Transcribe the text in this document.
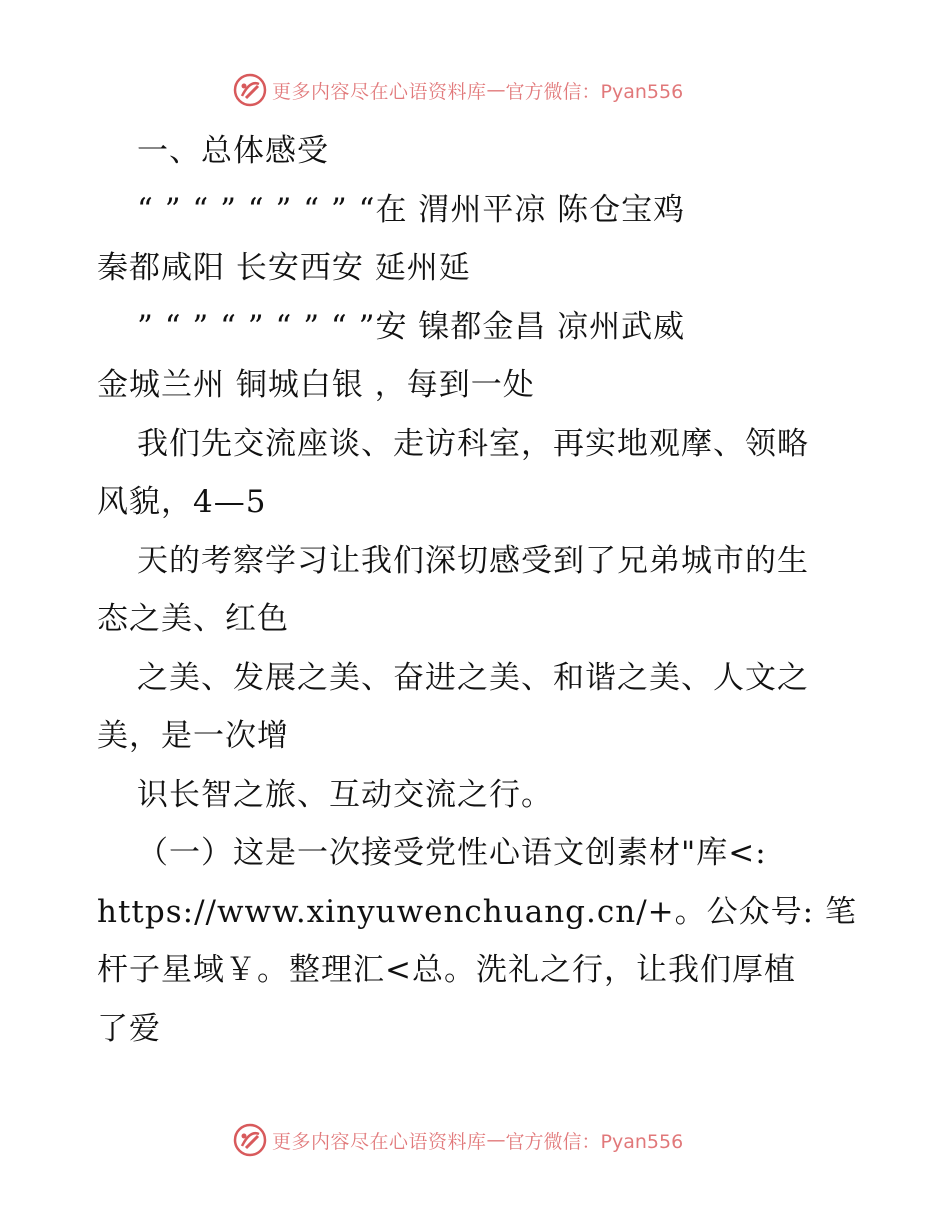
更多内容尽在心语资料库 — 官方微信：Pyan556
一、总体感受
“ ” “ ” “ ” “ ” “在 渭州平凉 陈仓宝鸡
秦都咸阳 长安西安 延州延
” “ ” “ ” “ ” “ ”安 镍都金昌 凉州武威
金城兰州 铜城白银 ，每到一处
我们先交流座谈、走访科室，再实地观摩、领略
风貌，4—5
天的考察学习让我们深切感受到了兄弟城市的生
态之美、红色
之美、发展之美、奋进之美、和谐之美、人文之
美，是一次增
识长智之旅、互动交流之行。
（一）这是一次接受党性心语文创素材"库<:
https://www.xinyuwenchuang.cn/+。公众号: 笔
杆子星域￥。整理汇<总。洗礼之行，让我们厚植
了爱
更多内容尽在心语资料库 — 官方微信：Pyan556
